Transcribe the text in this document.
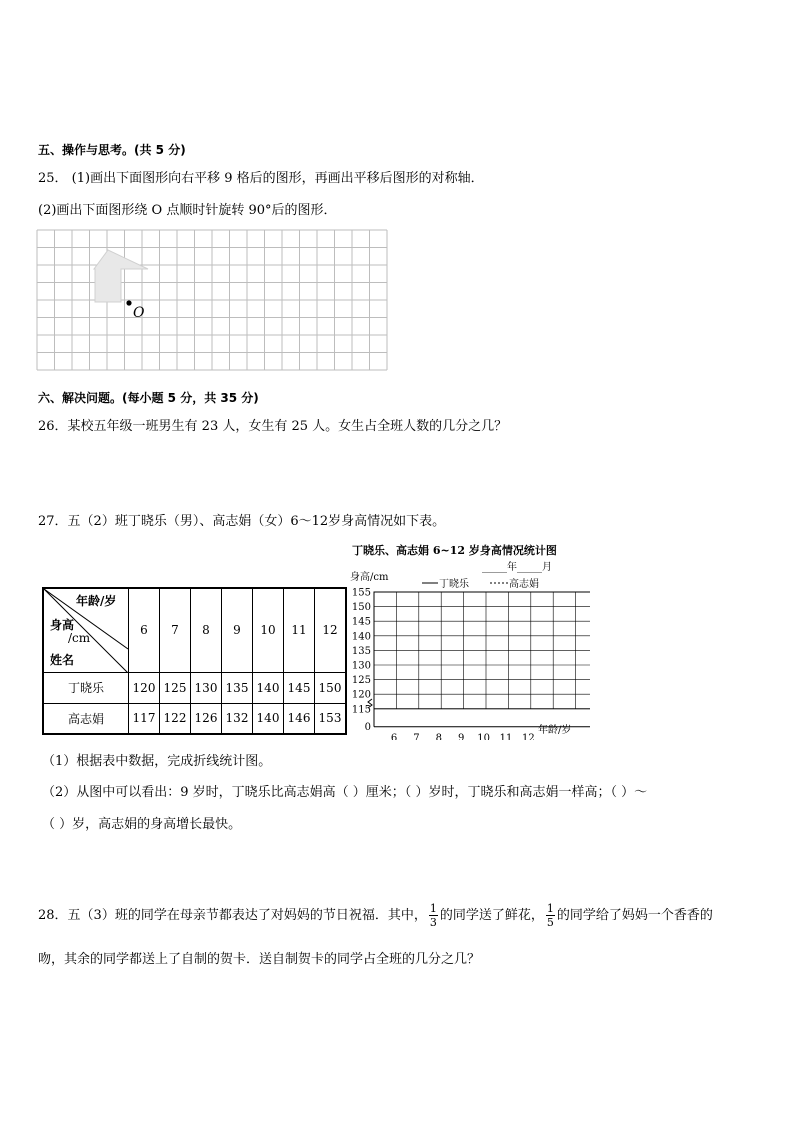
五、操作与思考。(共 5 分)
25． (1)画出下面图形向右平移 9 格后的图形，再画出平移后图形的对称轴．
(2)画出下面图形绕 O 点顺时针旋转 90°后的图形．
O
六、解决问题。(每小题 5 分，共 35 分)
26．某校五年级一班男生有 23 人，女生有 25 人。女生占全班人数的几分之几？
27．五（2）班丁晓乐（男）、高志娟（女）6～12岁身高情况如下表。
年龄/岁
身高
/cm
姓名	6	7	8	9	10	11	12
丁晓乐	120	125	130	135	140	145	150
高志娟	117	122	126	132	140	146	153
丁晓乐、高志娟 6~12 岁身高情况统计图
_____年_____月
身高/cm
丁晓乐	高志娟
155
150
145
140
135
130
125
120
115
0
6 7 8 9 10 11 12
年龄/岁
（1）根据表中数据，完成折线统计图。
（2）从图中可以看出：9 岁时，丁晓乐比高志娟高（ ）厘米；（ ）岁时，丁晓乐和高志娟一样高；（ ）～
（ ）岁，高志娟的身高增长最快。
28．五（3）班的同学在母亲节都表达了对妈妈的节日祝福．其中， $\frac{1}{3}$ 的同学送了鲜花， $\frac{1}{5}$ 的同学给了妈妈一个香香的
吻，其余的同学都送上了自制的贺卡．送自制贺卡的同学占全班的几分之几？
